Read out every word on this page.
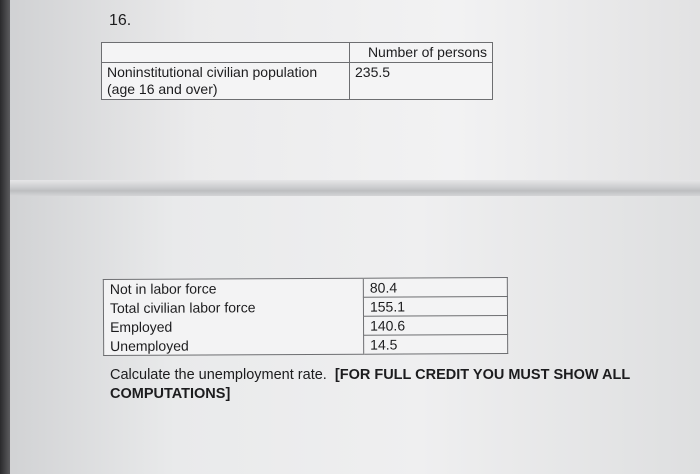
16.
	Number of persons

Noninstitutional civilian population
(age 16 and over)	235.5
Not in labor force	80.4
Total civilian labor force	155.1
Employed	140.6
Unemployed	14.5
Calculate the unemployment rate. [FOR FULL CREDIT YOU MUST SHOW ALL
COMPUTATIONS]
